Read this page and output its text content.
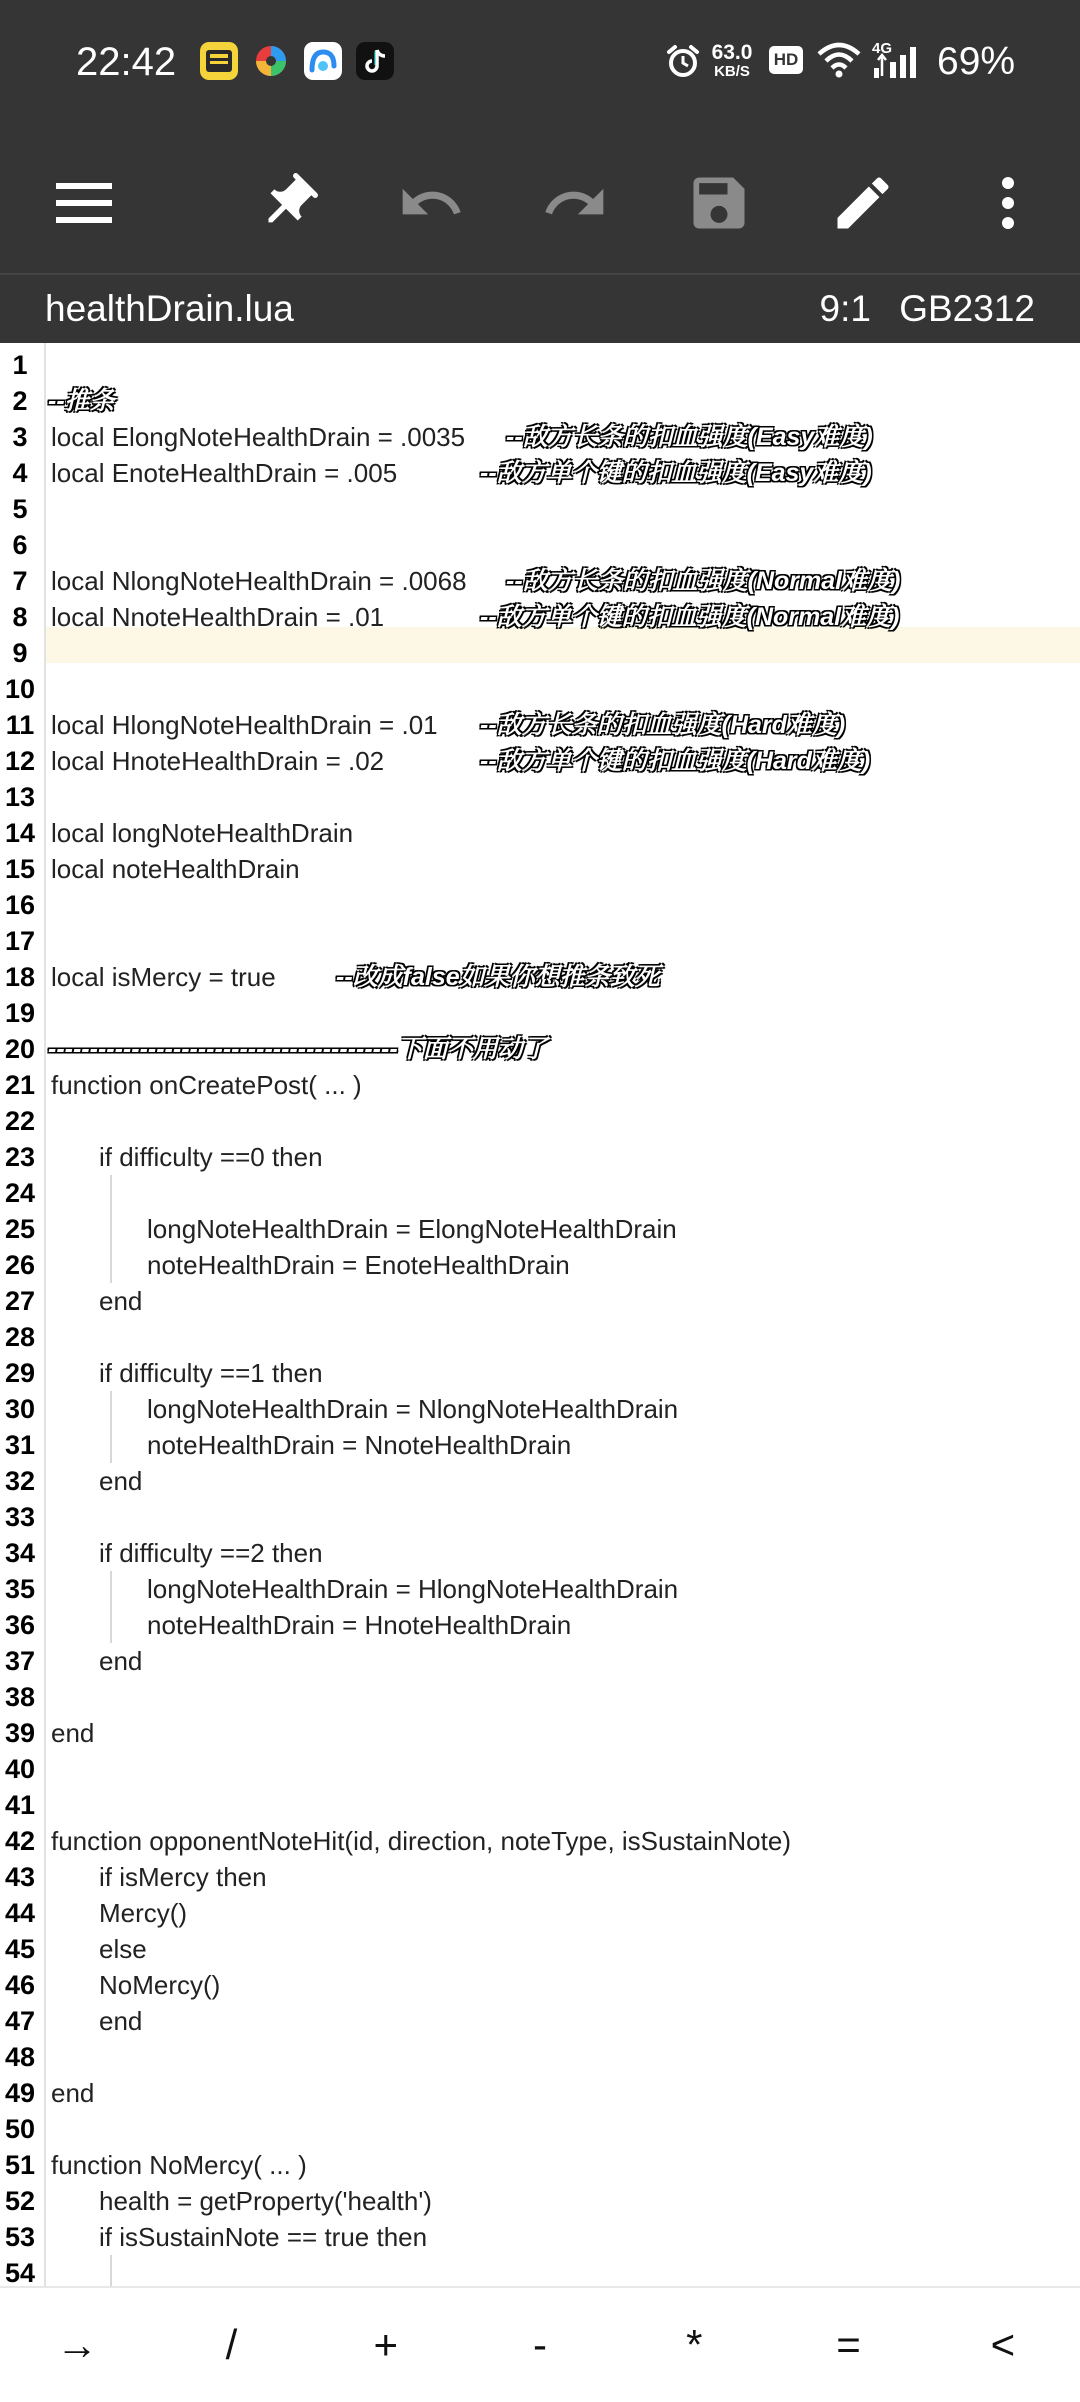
22:42	63.0
KB/S
HD
4G 69%
healthDrain.lua	9:1 GB2312
1
2 --推条
3 local ElongNoteHealthDrain = .0035 --敌方长条的扣血强度(Easy难度)
4 local EnoteHealthDrain = .005	--敌方单个键的扣血强度(Easy难度)
5
6
7 local NlongNoteHealthDrain = .0068 --敌方长条的扣血强度(Normal难度)
8 local NnoteHealthDrain = .01	--敌方单个键的扣血强度(Normal难度)
9
10
11 local HlongNoteHealthDrain = .01 --敌方长条的扣血强度(Hard难度)
12 local HnoteHealthDrain = .02	--敌方单个键的扣血强度(Hard难度)
13
14 local longNoteHealthDrain
15 local noteHealthDrain
16
17
18 local isMercy = true --改成false如果你想推条致死
19
20 ------------------------------------------下面不用动了
21 function onCreatePost( ... )
22
23 if difficulty ==0 then
24
25	longNoteHealthDrain = ElongNoteHealthDrain
26	noteHealthDrain = EnoteHealthDrain
27 end
28
29 if difficulty ==1 then
30	longNoteHealthDrain = NlongNoteHealthDrain
31	noteHealthDrain = NnoteHealthDrain
32 end
33
34 if difficulty ==2 then
35	longNoteHealthDrain = HlongNoteHealthDrain
36	noteHealthDrain = HnoteHealthDrain
37 end
38
39 end
40
41
42 function opponentNoteHit(id, direction, noteType, isSustainNote)
43 if isMercy then
44 Mercy()
45 else
46 NoMercy()
47 end
48
49 end
50
51 function NoMercy( ... )
52 health = getProperty('health')
53 if isSustainNote == true then
54
→	/	+	-	*	=	<
